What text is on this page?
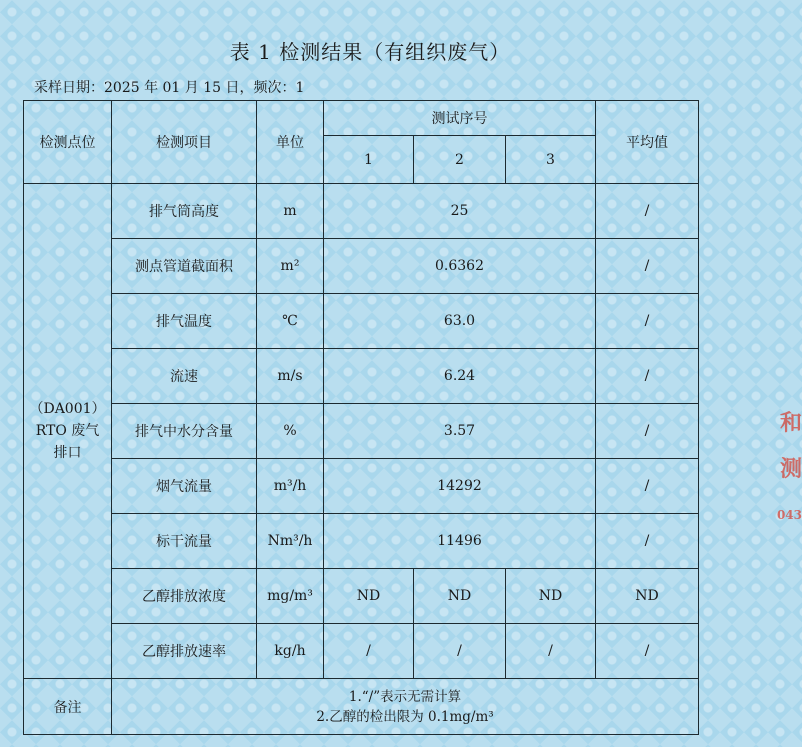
表 1 检测结果（有组织废气）
采样日期：2025 年 01 月 15 日，频次：1
检测点位	检测项目	单位	测试序号			平均值
			1	2	3	

（DA001）
RTO 废气
排口	排气筒高度	m	25			/
	测点管道截面积	m²	0.6362			/
	排气温度	℃	63.0			/
	流速	m/s	6.24			/
	排气中水分含量	%	3.57			/
	烟气流量	m³/h	14292			/
	标干流量	Nm³/h	11496			/
	乙醇排放浓度	mg/m³	ND	ND	ND	ND
	乙醇排放速率	kg/h	/	/	/	/
备注	1.“/”表示无需计算
2.乙醇的检出限为 0.1mg/m³					
和
测
043
